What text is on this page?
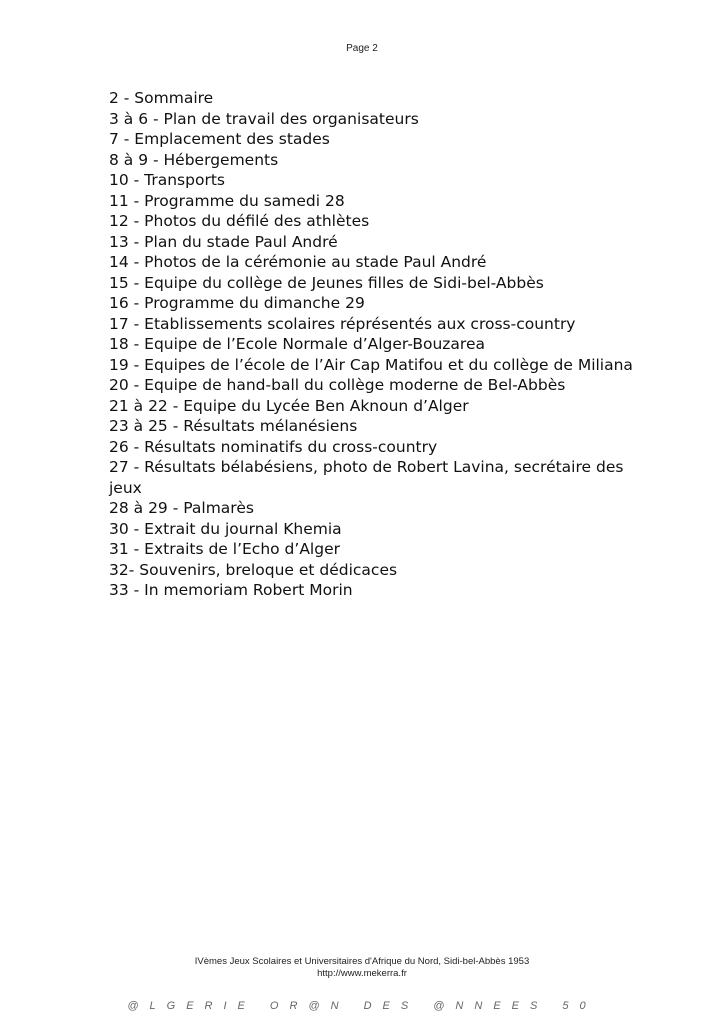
Page 2
2 - Sommaire
3 à 6 - Plan de travail des organisateurs
7 - Emplacement des stades
8 à 9 - Hébergements
10 - Transports
11 - Programme du samedi 28
12 - Photos du défilé des athlètes
13 - Plan du stade Paul André
14 - Photos de la cérémonie au stade Paul André
15 - Equipe du collège de Jeunes filles de Sidi-bel-Abbès
16 - Programme du dimanche 29
17 - Etablissements scolaires réprésentés aux cross-country
18 - Equipe de l’Ecole Normale d’Alger-Bouzarea
19 - Equipes de l’école de l’Air Cap Matifou et du collège de Miliana
20 - Equipe de hand-ball du collège moderne de Bel-Abbès
21 à 22 - Equipe du Lycée Ben Aknoun d’Alger
23 à 25 - Résultats mélanésiens
26 - Résultats nominatifs du cross-country
27 - Résultats bélabésiens, photo de Robert Lavina, secrétaire des jeux
28 à 29 - Palmarès
30 - Extrait du journal Khemia
31 - Extraits de l’Echo d’Alger
32- Souvenirs, breloque et dédicaces
33 - In memoriam Robert Morin
IVèmes Jeux Scolaires et Universitaires d'Afrique du Nord, Sidi-bel-Abbès 1953
http://www.mekerra.fr
@LGERIE OR@N DES @NNEES 50
